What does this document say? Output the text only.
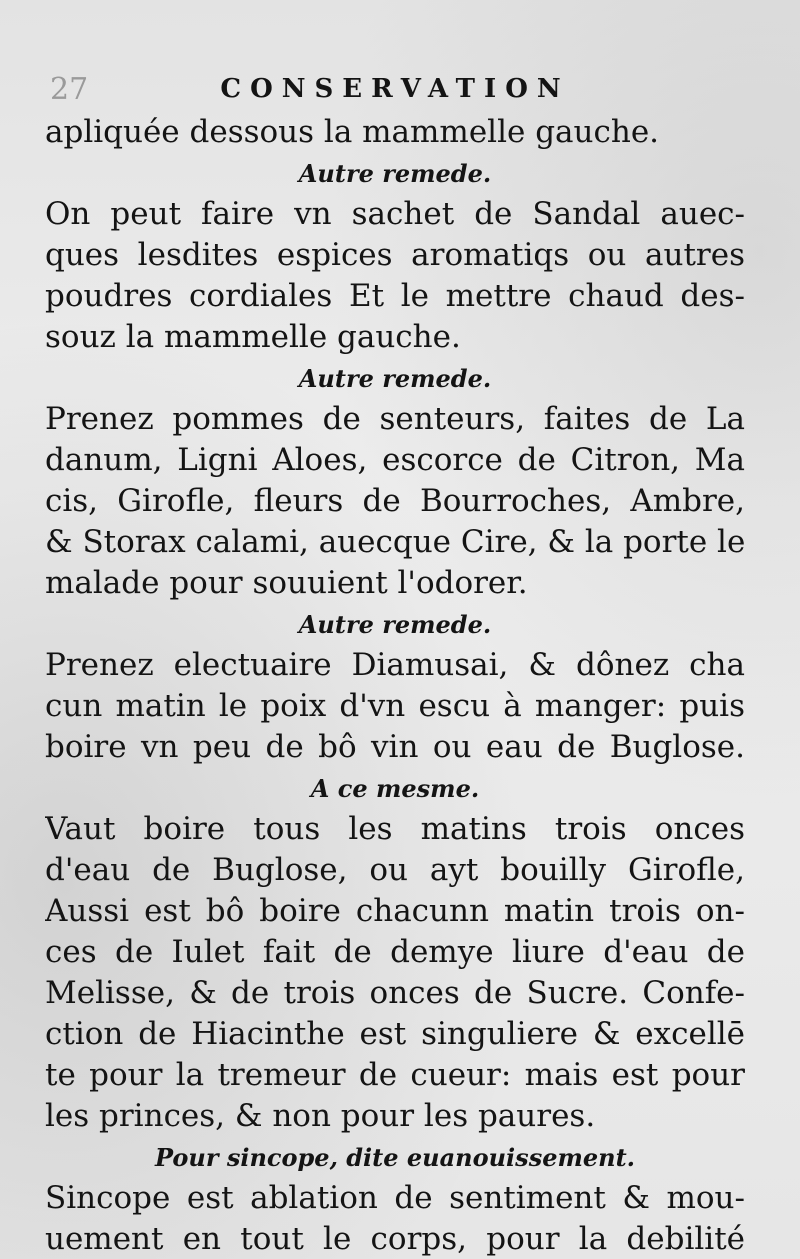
27	CONSERVATION
apliquée dessous la mammelle gauche.
Autre remede.
On peut faire vn sachet de Sandal auec-
ques lesdites espices aromatiqs ou autres
poudres cordiales Et le mettre chaud des-
souz la mammelle gauche.
Autre remede.
Prenez pommes de senteurs, faites de La
danum, Ligni Aloes, escorce de Citron, Ma
cis, Girofle, fleurs de Bourroches, Ambre,
& Storax calami, auecque Cire, & la porte le
malade pour souuient l'odorer.
Autre remede.
Prenez electuaire Diamusai, & dônez cha
cun matin le poix d'vn escu à manger: puis
boire vn peu de bô vin ou eau de Buglose.
A ce mesme.
Vaut boire tous les matins trois onces
d'eau de Buglose, ou ayt bouilly Girofle,
Aussi est bô boire chacunn matin trois on-
ces de Iulet fait de demye liure d'eau de
Melisse, & de trois onces de Sucre. Confe-
ction de Hiacinthe est singuliere & excellē
te pour la tremeur de cueur: mais est pour
les princes, & non pour les paures.
Pour sincope, dite euanouissement.
Sincope est ablation de sentiment & mou-
uement en tout le corps, pour la debilité
